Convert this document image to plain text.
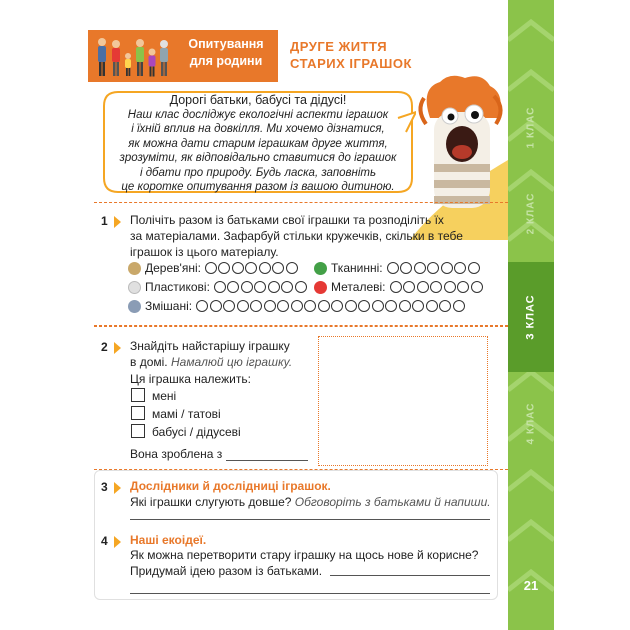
Опитування
для родини
ДРУГЕ ЖИТТЯ
СТАРИХ ІГРАШОК
1 КЛАС
2 КЛАС
3 КЛАС
4 КЛАС
21
Дорогі батьки, бабусі та дідусі!
Наш клас досліджує екологічні аспекти іграшок
і їхній вплив на довкілля. Ми хочемо дізнатися,
як можна дати старим іграшкам друге життя,
зрозуміти, як відповідально ставитися до іграшок
і дбати про природу. Будь ласка, заповніть
це коротке опитування разом із вашою дитиною.
1 Полічіть разом із батьками свої іграшки та розподіліть їх
за матеріалами. Зафарбуй стільки кружечків, скільки в тебе
іграшок із цього матеріалу.
Дерев'яні:	Тканинні:
Пластикові:	Металеві:
Змішані:
2 Знайдіть найстарішу іграшку
в домі. Намалюй цю іграшку.
Ця іграшка належить:
мені
мамі / татові
бабусі / дідусеві
Вона зроблена з
3 Дослідники й дослідниці іграшок.
Які іграшки слугують довше? Обговоріть з батьками й напиши.
4 Наші екоідеї.
Як можна перетворити стару іграшку на щось нове й корисне?
Придумай ідею разом із батьками.
